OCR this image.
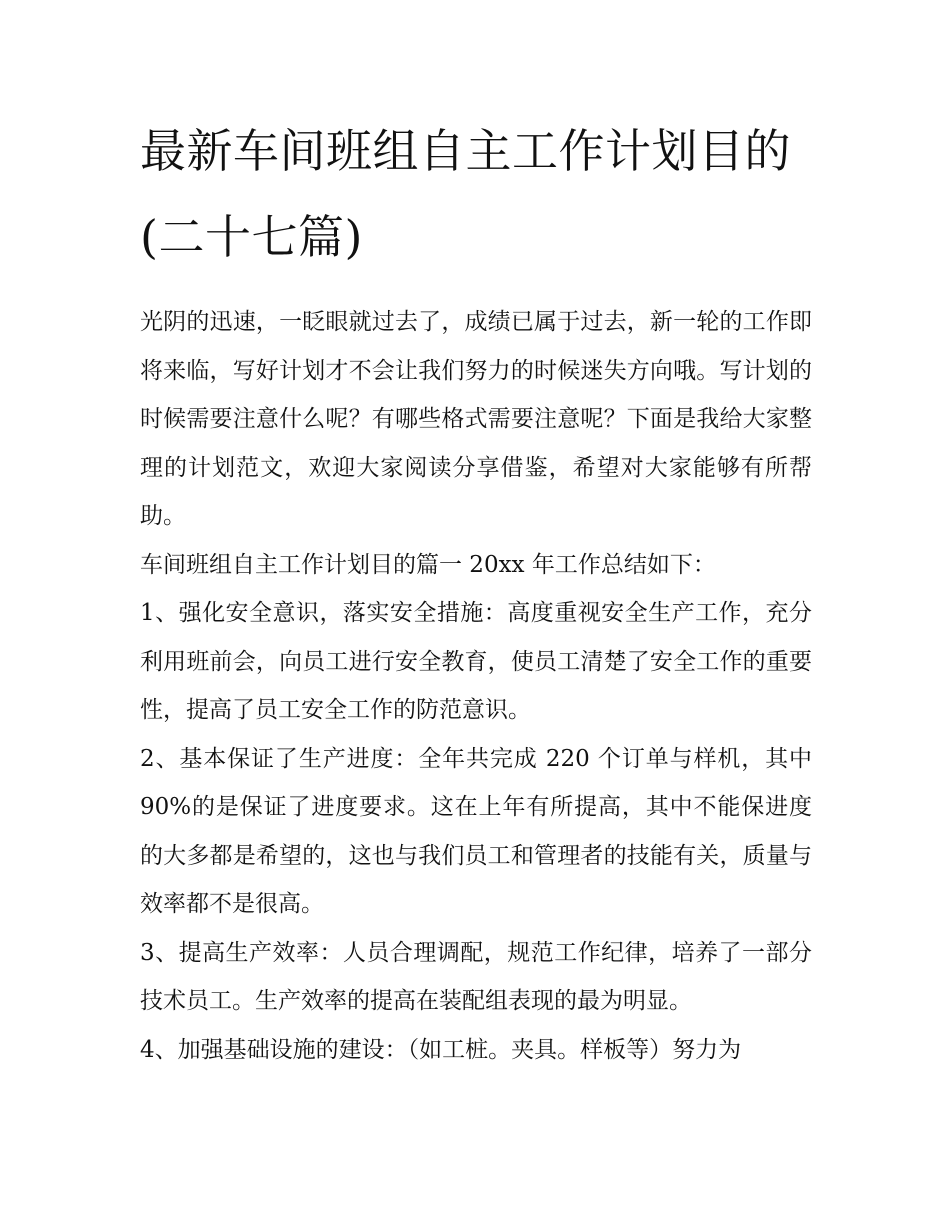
最新车间班组自主工作计划目的(二十七篇)

光阴的迅速，一眨眼就过去了，成绩已属于过去，新一轮的工作即将来临，写好计划才不会让我们努力的时候迷失方向哦。写计划的时候需要注意什么呢？有哪些格式需要注意呢？下面是我给大家整理的计划范文，欢迎大家阅读分享借鉴，希望对大家能够有所帮助。

车间班组自主工作计划目的篇一 20xx 年工作总结如下：

1、强化安全意识，落实安全措施：高度重视安全生产工作，充分利用班前会，向员工进行安全教育，使员工清楚了安全工作的重要性，提高了员工安全工作的防范意识。

2、基本保证了生产进度：全年共完成 220 个订单与样机，其中 90%的是保证了进度要求。这在上年有所提高，其中不能保进度的大多都是希望的，这也与我们员工和管理者的技能有关，质量与效率都不是很高。

3、提高生产效率：人员合理调配，规范工作纪律，培养了一部分技术员工。生产效率的提高在装配组表现的最为明显。

4、加强基础设施的建设：（如工桩。夹具。样板等）努力为
